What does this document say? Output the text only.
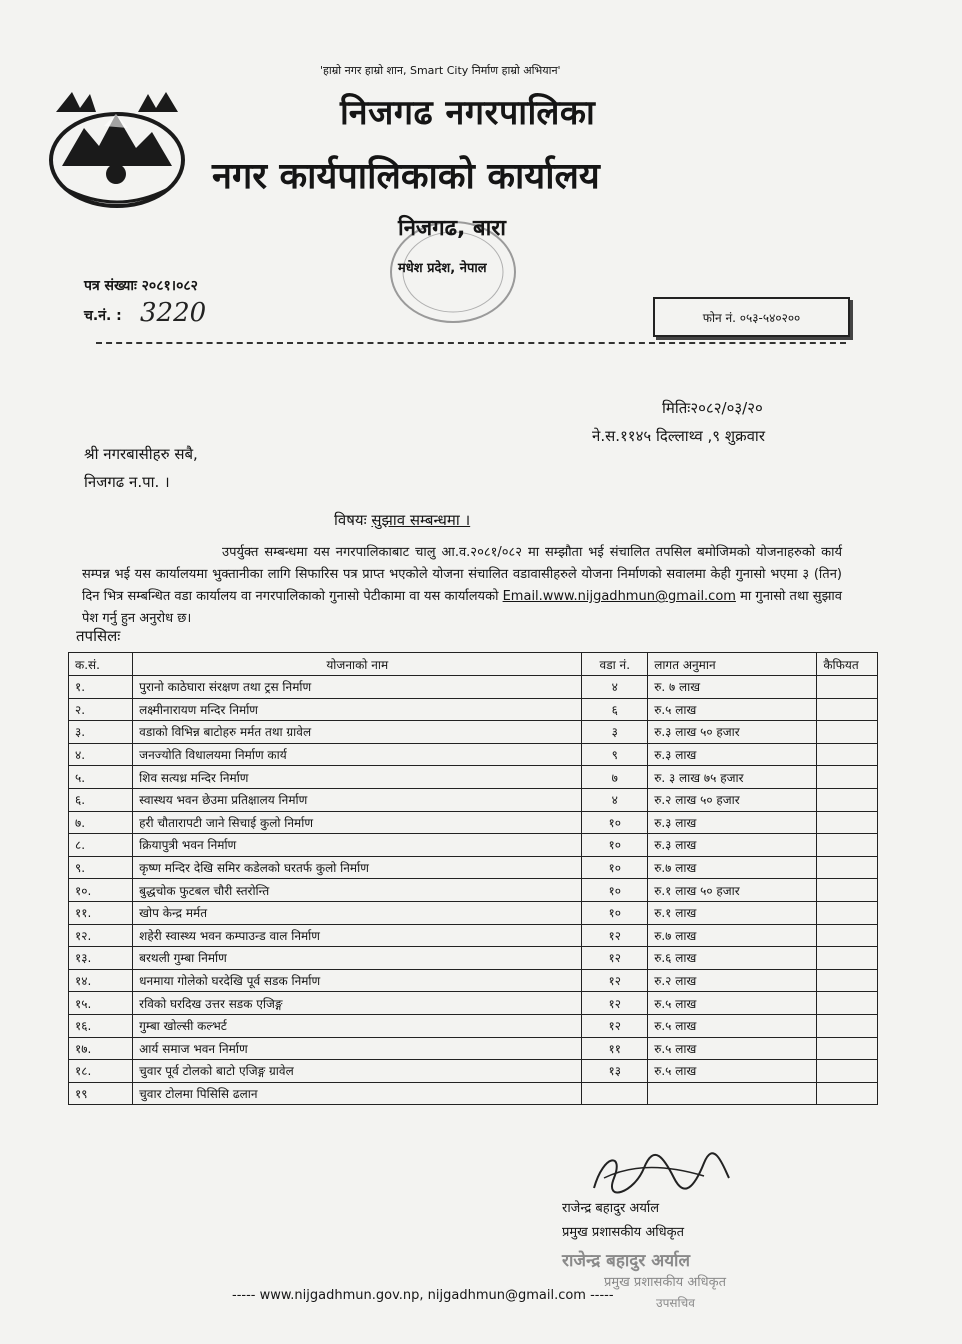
'हाम्रो नगर हाम्रो शान, Smart City निर्माण हाम्रो अभियान'
निजगढ नगरपालिका
नगर कार्यपालिकाको कार्यालय
निजगढ, बारा
मधेश प्रदेश, नेपाल
पत्र संख्याः २०८१।०८२
च.नं. : 3220	फोन नं. ०५३-५४०२००
मितिः२०८२/०३/२०
ने.स.११४५ दिल्लाथ्व ,९ शुक्रवार
श्री नगरबासीहरु सबै,
निजगढ न.पा. ।
विषयः सुझाव सम्बन्धमा ।

उपर्युक्त सम्बन्धमा यस नगरपालिकाबाट चालु आ.व.२०८१/०८२ मा सम्झौता भई संचालित तपसिल बमोजिमको योजनाहरुको कार्य सम्पन्न भई यस कार्यालयमा भुक्तानीका लागि सिफारिस पत्र प्राप्त भएकोले योजना संचालित वडावासीहरुले योजना निर्माणको सवालमा केही गुनासो भएमा ३ (तिन) दिन भित्र सम्बन्धित वडा कार्यालय वा नगरपालिकाको गुनासो पेटीकामा वा यस कार्यालयको Email.www.nijgadhmun@gmail.com मा गुनासो तथा सुझाव पेश गर्नु हुन अनुरोध छ।

तपसिलः
क.सं.	योजनाको नाम	वडा नं.	लागत अनुमान	कैफियत
१.	पुरानो काठेघारा संरक्षण तथा ट्रस निर्माण	४	रु. ७ लाख	
२.	लक्ष्मीनारायण मन्दिर निर्माण	६	रु.५ लाख	
३.	वडाको विभिन्न बाटोहरु मर्मत तथा ग्रावेल	३	रु.३ लाख ५० हजार	
४.	जनज्योति विधालयमा निर्माण कार्य	९	रु.३ लाख	
५.	शिव सत्यध्र मन्दिर निर्माण	७	रु. ३ लाख ७५ हजार	
६.	स्वास्थय भवन छेउमा प्रतिक्षालय निर्माण	४	रु.२ लाख ५० हजार	
७.	हरी चौतारापटी जाने सिचाई कुलो निर्माण	१०	रु.३ लाख	
८.	क्रियापुत्री भवन निर्माण	१०	रु.३ लाख	
९.	कृष्ण मन्दिर देखि समिर कडेलको घरतर्फ कुलो निर्माण	१०	रु.७ लाख	
१०.	बुद्धचोक फुटबल चौरी स्तरोन्ति	१०	रु.१ लाख ५० हजार	
११.	खोप केन्द्र मर्मत	१०	रु.१ लाख	
१२.	शहेरी स्वास्थ्य भवन कम्पाउन्ड वाल निर्माण	१२	रु.७ लाख	
१३.	बरथली गुम्बा निर्माण	१२	रु.६ लाख	
१४.	धनमाया गोलेको घरदेखि पूर्व सडक निर्माण	१२	रु.२ लाख	
१५.	रविको घरदिख उत्तर सडक एजिङ्ग	१२	रु.५ लाख	
१६.	गुम्बा खोल्सी कल्भर्ट	१२	रु.५ लाख	
१७.	आर्य समाज भवन निर्माण	११	रु.५ लाख	
१८.	चुवार पूर्व टोलको बाटो एजिङ्ग ग्रावेल	१३	रु.५ लाख	
१९	चुवार टोलमा पिसिसि ढलान			
राजेन्द्र बहादुर अर्याल
प्रमुख प्रशासकीय अधिकृत
राजेन्द्र बहादुर अर्याल
प्रमुख प्रशासकीय अधिकृत
उपसचिव
----- www.nijgadhmun.gov.np, nijgadhmun@gmail.com -----
